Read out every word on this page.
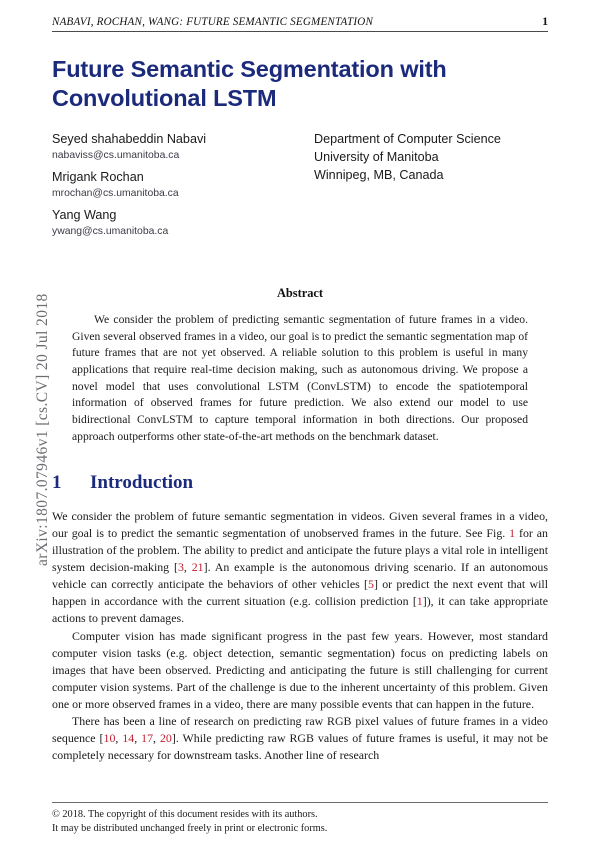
arXiv:1807.07946v1 [cs.CV] 20 Jul 2018
NABAVI, ROCHAN, WANG: FUTURE SEMANTIC SEGMENTATION	1
Future Semantic Segmentation with
Convolutional LSTM
Seyed shahabeddin Nabavi
nabaviss@cs.umanitoba.ca
Mrigank Rochan
mrochan@cs.umanitoba.ca
Yang Wang
ywang@cs.umanitoba.ca
Department of Computer Science
University of Manitoba
Winnipeg, MB, Canada
Abstract
We consider the problem of predicting semantic segmentation of future frames in a video. Given several observed frames in a video, our goal is to predict the semantic segmentation map of future frames that are not yet observed. A reliable solution to this problem is useful in many applications that require real-time decision making, such as autonomous driving. We propose a novel model that uses convolutional LSTM (ConvLSTM) to encode the spatiotemporal information of observed frames for future prediction. We also extend our model to use bidirectional ConvLSTM to capture temporal information in both directions. Our proposed approach outperforms other state-of-the-art methods on the benchmark dataset.
1	Introduction

We consider the problem of future semantic segmentation in videos. Given several frames in a video, our goal is to predict the semantic segmentation of unobserved frames in the future. See Fig. 1 for an illustration of the problem. The ability to predict and anticipate the future plays a vital role in intelligent system decision-making [3, 21]. An example is the autonomous driving scenario. If an autonomous vehicle can correctly anticipate the behaviors of other vehicles [5] or predict the next event that will happen in accordance with the current situation (e.g. collision prediction [1]), it can take appropriate actions to prevent damages.

Computer vision has made significant progress in the past few years. However, most standard computer vision tasks (e.g. object detection, semantic segmentation) focus on predicting labels on images that have been observed. Predicting and anticipating the future is still challenging for current computer vision systems. Part of the challenge is due to the inherent uncertainty of this problem. Given one or more observed frames in a video, there are many possible events that can happen in the future.

There has been a line of research on predicting raw RGB pixel values of future frames in a video sequence [10, 14, 17, 20]. While predicting raw RGB values of future frames is useful, it may not be completely necessary for downstream tasks. Another line of research

© 2018. The copyright of this document resides with its authors.
It may be distributed unchanged freely in print or electronic forms.
